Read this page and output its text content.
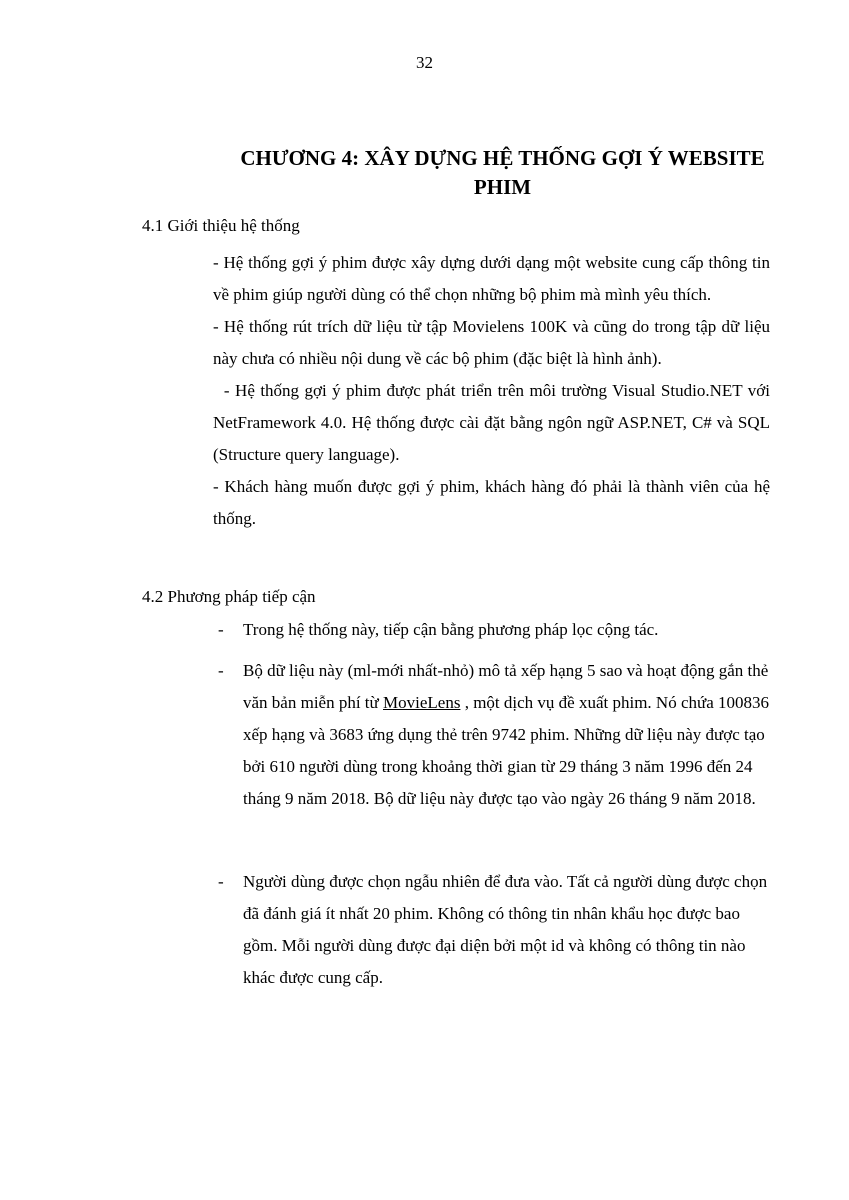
32
CHƯƠNG 4: XÂY DỰNG HỆ THỐNG GỢI Ý WEBSITE
PHIM
4.1 Giới thiệu hệ thống

- Hệ thống gợi ý phim được xây dựng dưới dạng một website cung cấp thông tin về phim giúp người dùng có thể chọn những bộ phim mà mình yêu thích.

- Hệ thống rút trích dữ liệu từ tập Movielens 100K và cũng do trong tập dữ liệu này chưa có nhiều nội dung về các bộ phim (đặc biệt là hình ảnh).

- Hệ thống gợi ý phim được phát triển trên môi trường Visual Studio.NET với NetFramework 4.0. Hệ thống được cài đặt bằng ngôn ngữ ASP.NET, C# và SQL (Structure query language).

- Khách hàng muốn được gợi ý phim, khách hàng đó phải là thành viên của hệ thống.

4.2 Phương pháp tiếp cận
- Trong hệ thống này, tiếp cận bằng phương pháp lọc cộng tác.
- Bộ dữ liệu này (ml-mới nhất-nhỏ) mô tả xếp hạng 5 sao và hoạt động gắn thẻ văn bản miễn phí từ MovieLens , một dịch vụ đề xuất phim. Nó chứa 100836 xếp hạng và 3683 ứng dụng thẻ trên 9742 phim. Những dữ liệu này được tạo bởi 610 người dùng trong khoảng thời gian từ 29 tháng 3 năm 1996 đến 24 tháng 9 năm 2018. Bộ dữ liệu này được tạo vào ngày 26 tháng 9 năm 2018.
- Người dùng được chọn ngẫu nhiên để đưa vào. Tất cả người dùng được chọn đã đánh giá ít nhất 20 phim. Không có thông tin nhân khẩu học được bao gồm. Mỗi người dùng được đại diện bởi một id và không có thông tin nào khác được cung cấp.
